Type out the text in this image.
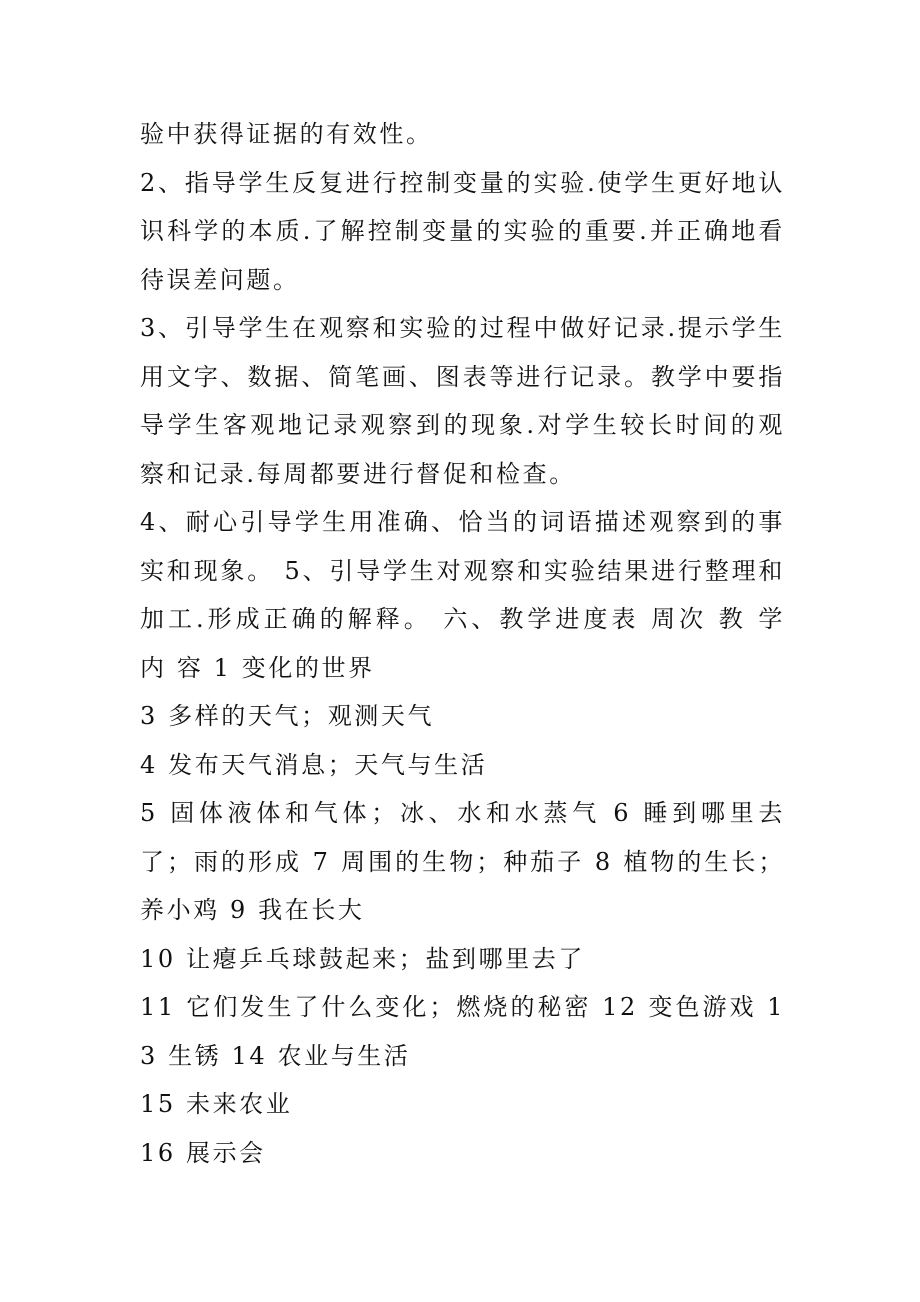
验中获得证据的有效性。

2、指导学生反复进行控制变量的实验.使学生更好地认识科学的本质.了解控制变量的实验的重要.并正确地看待误差问题。

3、引导学生在观察和实验的过程中做好记录.提示学生用文字、数据、简笔画、图表等进行记录。教学中要指导学生客观地记录观察到的现象.对学生较长时间的观察和记录.每周都要进行督促和检查。

4、耐心引导学生用准确、恰当的词语描述观察到的事实和现象。 5、引导学生对观察和实验结果进行整理和加工.形成正确的解释。 六、教学进度表 周次 教 学 内 容 1 变化的世界

3 多样的天气；观测天气

4 发布天气消息；天气与生活

5 固体液体和气体；冰、水和水蒸气 6 睡到哪里去了；雨的形成 7 周围的生物；种茄子 8 植物的生长；养小鸡 9 我在长大

10 让瘪乒乓球鼓起来；盐到哪里去了

11 它们发生了什么变化；燃烧的秘密 12 变色游戏 13 生锈 14 农业与生活

15 未来农业

16 展示会
